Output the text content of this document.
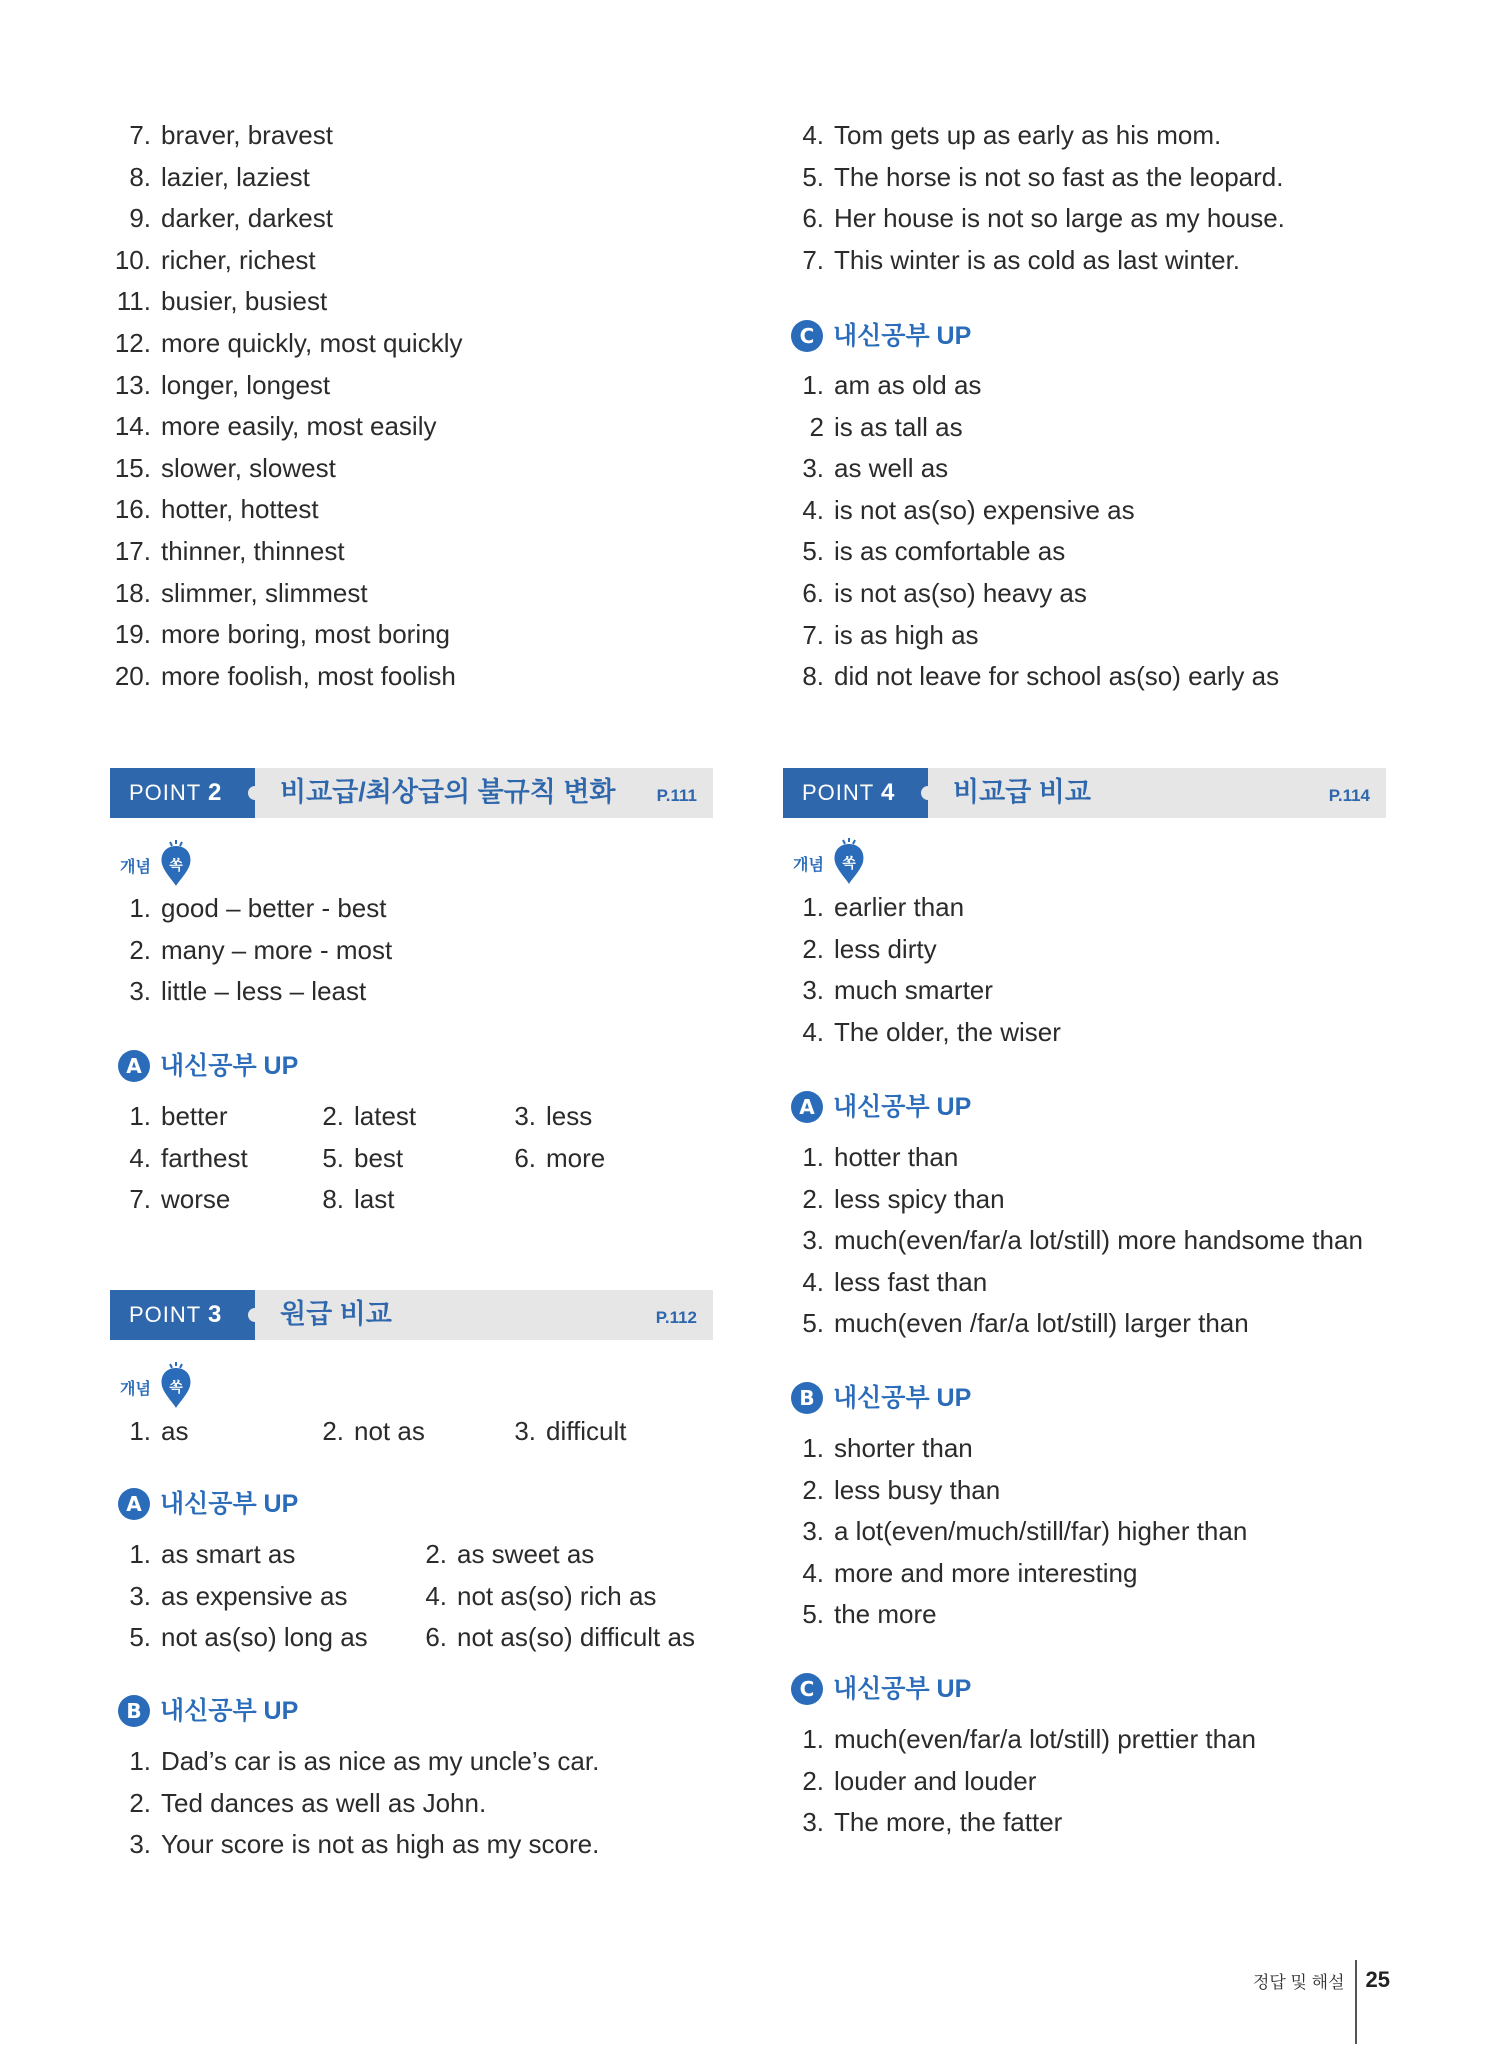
7. braver, bravest
8. lazier, laziest
9. darker, darkest
10. richer, richest
11. busier, busiest
12. more quickly, most quickly
13. longer, longest
14. more easily, most easily
15. slower, slowest
16. hotter, hottest
17. thinner, thinnest
18. slimmer, slimmest
19. more boring, most boring
20. more foolish, most foolish
POINT 2	비교급/최상급의 불규칙 변화 P.111
개념 쏙
1. good – better - best
2. many – more - most
3. little – less – least
A 내신공부 UP
1. better	2. latest	3. less
4. farthest	5. best	6. more
7. worse	8. last
POINT 3	원급 비교	P.112
개념 쏙
1. as	2. not as	3. difficult
A 내신공부 UP
1. as smart as	2. as sweet as
3. as expensive as	4. not as(so) rich as
5. not as(so) long as	6. not as(so) difficult as
B 내신공부 UP
1. Dad’s car is as nice as my uncle’s car.
2. Ted dances as well as John.
3. Your score is not as high as my score.
4. Tom gets up as early as his mom.
5. The horse is not so fast as the leopard.
6. Her house is not so large as my house.
7. This winter is as cold as last winter.
C 내신공부 UP
1. am as old as
2 is as tall as
3. as well as
4. is not as(so) expensive as
5. is as comfortable as
6. is not as(so) heavy as
7. is as high as
8. did not leave for school as(so) early as
POINT 4	비교급 비교	P.114
개념 쏙
1. earlier than
2. less dirty
3. much smarter
4. The older, the wiser
A 내신공부 UP
1. hotter than
2. less spicy than
3. much(even/far/a lot/still) more handsome than
4. less fast than
5. much(even /far/a lot/still) larger than
B 내신공부 UP
1. shorter than
2. less busy than
3. a lot(even/much/still/far) higher than
4. more and more interesting
5. the more
C 내신공부 UP
1. much(even/far/a lot/still) prettier than
2. louder and louder
3. The more, the fatter
정답 및 해설 25
